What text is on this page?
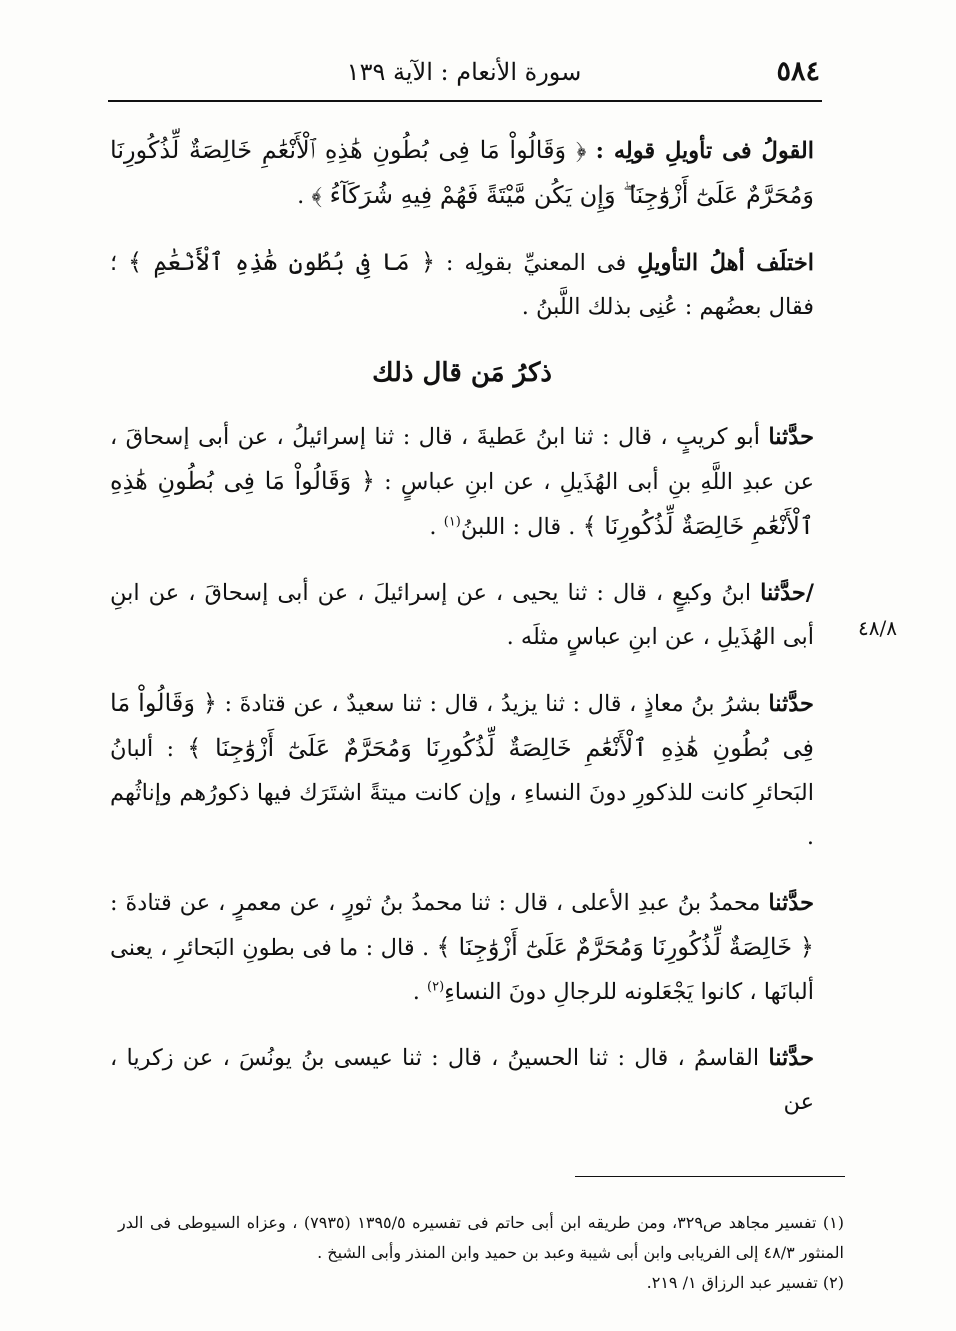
٥٨٤
سورة الأنعام : الآية ١٣٩
٤٨/٨

القولُ فى تأويلِ قولِه : ﴿ وَقَالُواْ مَا فِى بُطُونِ هَٰذِهِ ٱلْأَنْعَٰمِ خَالِصَةٌ لِّذُكُورِنَا وَمُحَرَّمٌ عَلَىٰٓ أَزْوَٰجِنَا ۖ وَإِن يَكُن مَّيْتَةً فَهُمْ فِيهِ شُرَكَآءُ ﴾ .

اختلَف أهلُ التأويلِ فى المعنيِّ بقولِه : ﴿ مَا فِى بُطُونِ هَٰذِهِ ٱلْأَنْعَٰمِ ﴾ ؛ فقال بعضُهم : عُنِى بذلك اللَّبنُ .

ذكرُ مَن قال ذلك

حدَّثنا أبو كريبٍ ، قال : ثنا ابنُ عَطيةَ ، قال : ثنا إسرائيلُ ، عن أبى إسحاقَ ، عن عبدِ اللَّهِ بنِ أبى الهُذَيلِ ، عن ابنِ عباسٍ : ﴿ وَقَالُواْ مَا فِى بُطُونِ هَٰذِهِ ٱلْأَنْعَٰمِ خَالِصَةٌ لِّذُكُورِنَا ﴾ . قال : اللبنُ$^{(١)}$ .

/حدَّثنا ابنُ وكيعٍ ، قال : ثنا يحيى ، عن إسرائيلَ ، عن أبى إسحاقَ ، عن ابنِ أبى الهُذَيلِ ، عن ابنِ عباسٍ مثلَه .

حدَّثنا بشرُ بنُ معاذٍ ، قال : ثنا يزيدُ ، قال : ثنا سعيدٌ ، عن قتادةَ : ﴿ وَقَالُواْ مَا فِى بُطُونِ هَٰذِهِ ٱلْأَنْعَٰمِ خَالِصَةٌ لِّذُكُورِنَا وَمُحَرَّمٌ عَلَىٰٓ أَزْوَٰجِنَا ﴾ : ألبانُ البَحائرِ كانت للذكورِ دونَ النساءِ ، وإن كانت ميتةً اشتَرَك فيها ذكورُهم وإناثُهم .

حدَّثنا محمدُ بنُ عبدِ الأعلى ، قال : ثنا محمدُ بنُ ثورٍ ، عن معمرٍ ، عن قتادةَ : ﴿ خَالِصَةٌ لِّذُكُورِنَا وَمُحَرَّمٌ عَلَىٰٓ أَزْوَٰجِنَا ﴾ . قال : ما فى بطونِ البَحائرِ ، يعنى ألبانَها ، كانوا يَجْعَلونه للرجالِ دونَ النساءِ$^{(٢)}$ .

حدَّثنا القاسمُ ، قال : ثنا الحسينُ ، قال : ثنا عيسى بنُ يونُسَ ، عن زكريا ، عن

(١) تفسير مجاهد ص٣٢٩، ومن طريقه ابن أبى حاتم فى تفسيره ١٣٩٥/٥ (٧٩٣٥) ، وعزاه السيوطى فى الدر المنثور ٤٨/٣ إلى الفريابى وابن أبى شيبة وعبد بن حميد وابن المنذر وأبى الشيخ .

(٢) تفسير عبد الرزاق ١/ ٢١٩.
